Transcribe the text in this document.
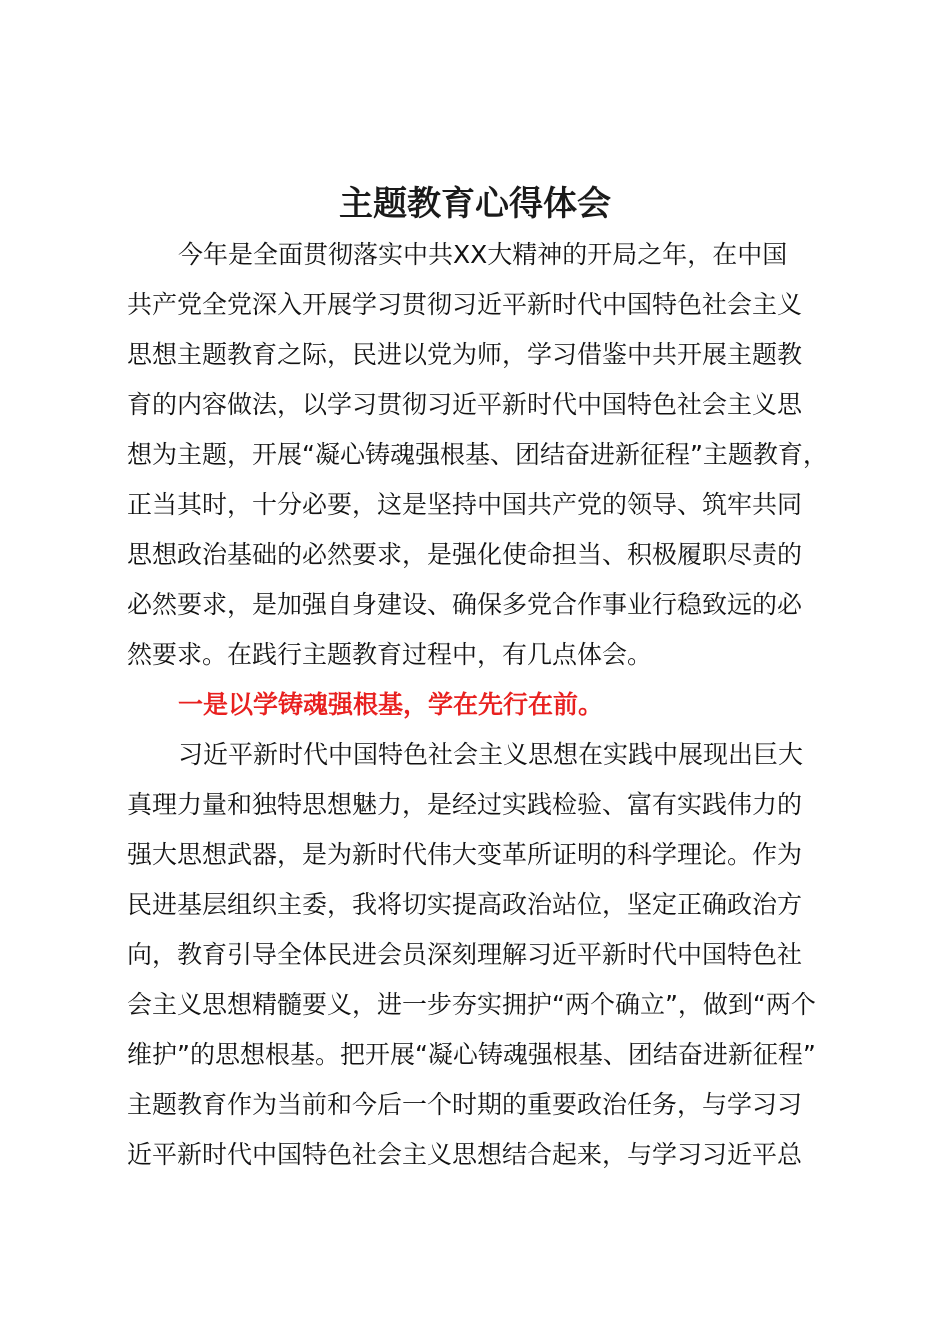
主题教育心得体会

今年是全面贯彻落实中共XX大精神的开局之年，在中国

共产党全党深入开展学习贯彻习近平新时代中国特色社会主义

思想主题教育之际，民进以党为师，学习借鉴中共开展主题教

育的内容做法，以学习贯彻习近平新时代中国特色社会主义思

想为主题，开展“凝心铸魂强根基、团结奋进新征程”主题教育，

正当其时，十分必要，这是坚持中国共产党的领导、筑牢共同

思想政治基础的必然要求，是强化使命担当、积极履职尽责的

必然要求，是加强自身建设、确保多党合作事业行稳致远的必

然要求。在践行主题教育过程中，有几点体会。

一是以学铸魂强根基，学在先行在前。

习近平新时代中国特色社会主义思想在实践中展现出巨大

真理力量和独特思想魅力，是经过实践检验、富有实践伟力的

强大思想武器，是为新时代伟大变革所证明的科学理论。作为

民进基层组织主委，我将切实提高政治站位，坚定正确政治方

向，教育引导全体民进会员深刻理解习近平新时代中国特色社

会主义思想精髓要义，进一步夯实拥护“两个确立”，做到“两个

维护”的思想根基。把开展“凝心铸魂强根基、团结奋进新征程”

主题教育作为当前和今后一个时期的重要政治任务，与学习习

近平新时代中国特色社会主义思想结合起来，与学习习近平总
